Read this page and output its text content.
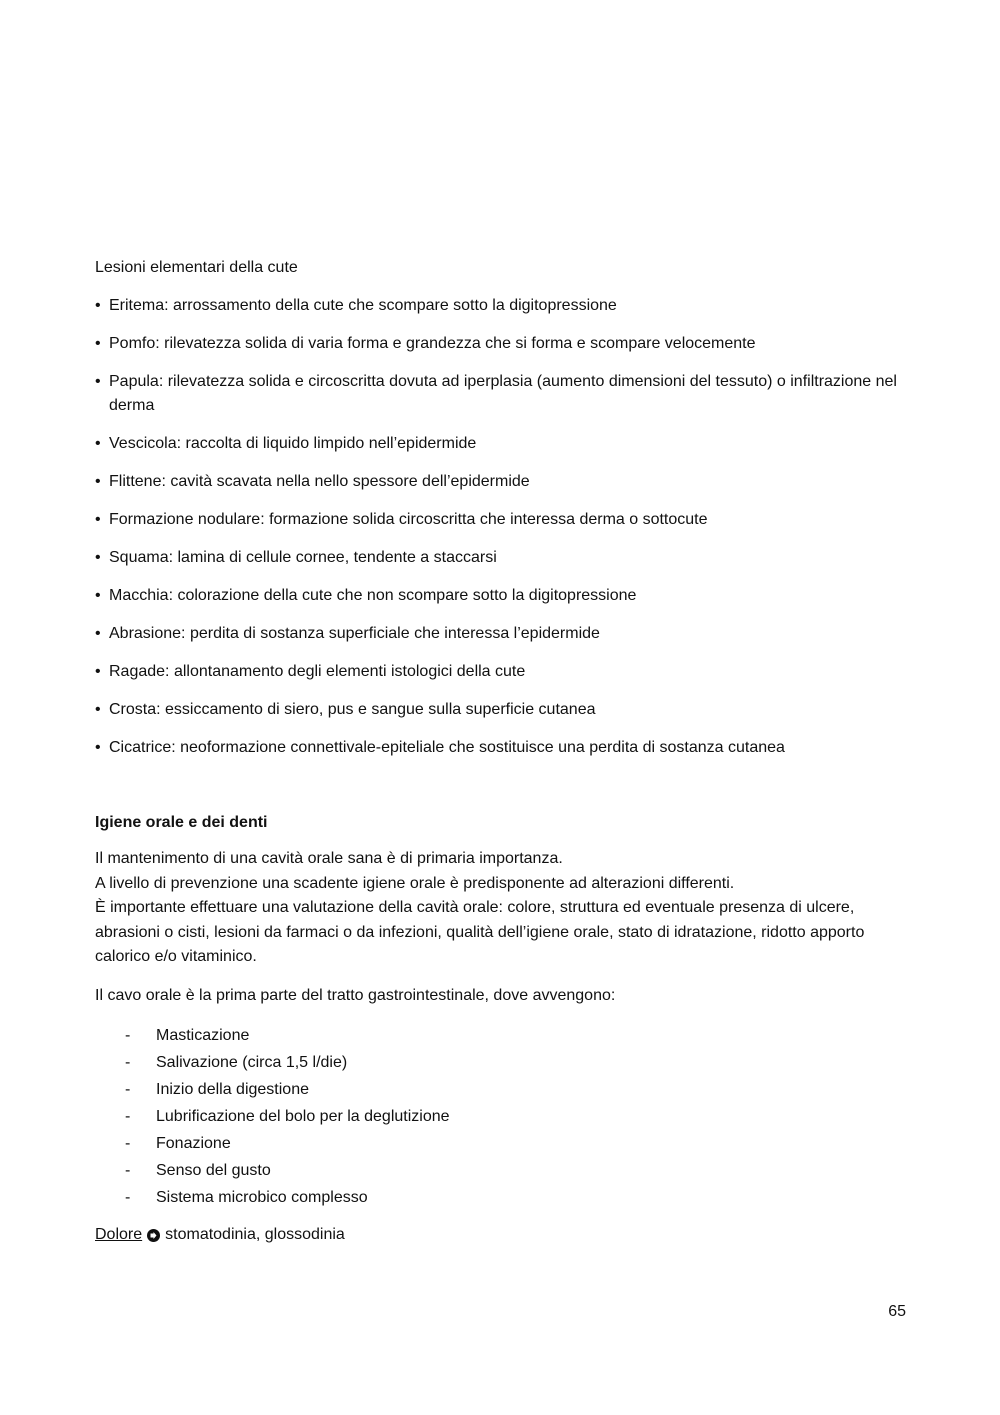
Lesioni elementari della cute

• Eritema: arrossamento della cute che scompare sotto la digitopressione
• Pomfo: rilevatezza solida di varia forma e grandezza che si forma e scompare velocemente
• Papula: rilevatezza solida e circoscritta dovuta ad iperplasia (aumento dimensioni del tessuto) o infiltrazione nel derma
• Vescicola: raccolta di liquido limpido nell’epidermide
• Flittene: cavità scavata nella nello spessore dell’epidermide
• Formazione nodulare: formazione solida circoscritta che interessa derma o sottocute
• Squama: lamina di cellule cornee, tendente a staccarsi
• Macchia: colorazione della cute che non scompare sotto la digitopressione
• Abrasione: perdita di sostanza superficiale che interessa l’epidermide
• Ragade: allontanamento degli elementi istologici della cute
• Crosta: essiccamento di siero, pus e sangue sulla superficie cutanea
• Cicatrice: neoformazione connettivale-epiteliale che sostituisce una perdita di sostanza cutanea

Igiene orale e dei denti

Il mantenimento di una cavità orale sana è di primaria importanza.
A livello di prevenzione una scadente igiene orale è predisponente ad alterazioni differenti.
È importante effettuare una valutazione della cavità orale: colore, struttura ed eventuale presenza di ulcere, abrasioni o cisti, lesioni da farmaci o da infezioni, qualità dell’igiene orale, stato di idratazione, ridotto apporto calorico e/o vitaminico.

Il cavo orale è la prima parte del tratto gastrointestinale, dove avvengono:

-	Masticazione
-	Salivazione (circa 1,5 l/die)
-	Inizio della digestione
-	Lubrificazione del bolo per la deglutizione
-	Fonazione
-	Senso del gusto
-	Sistema microbico complesso

Dolore stomatodinia, glossodinia

65
